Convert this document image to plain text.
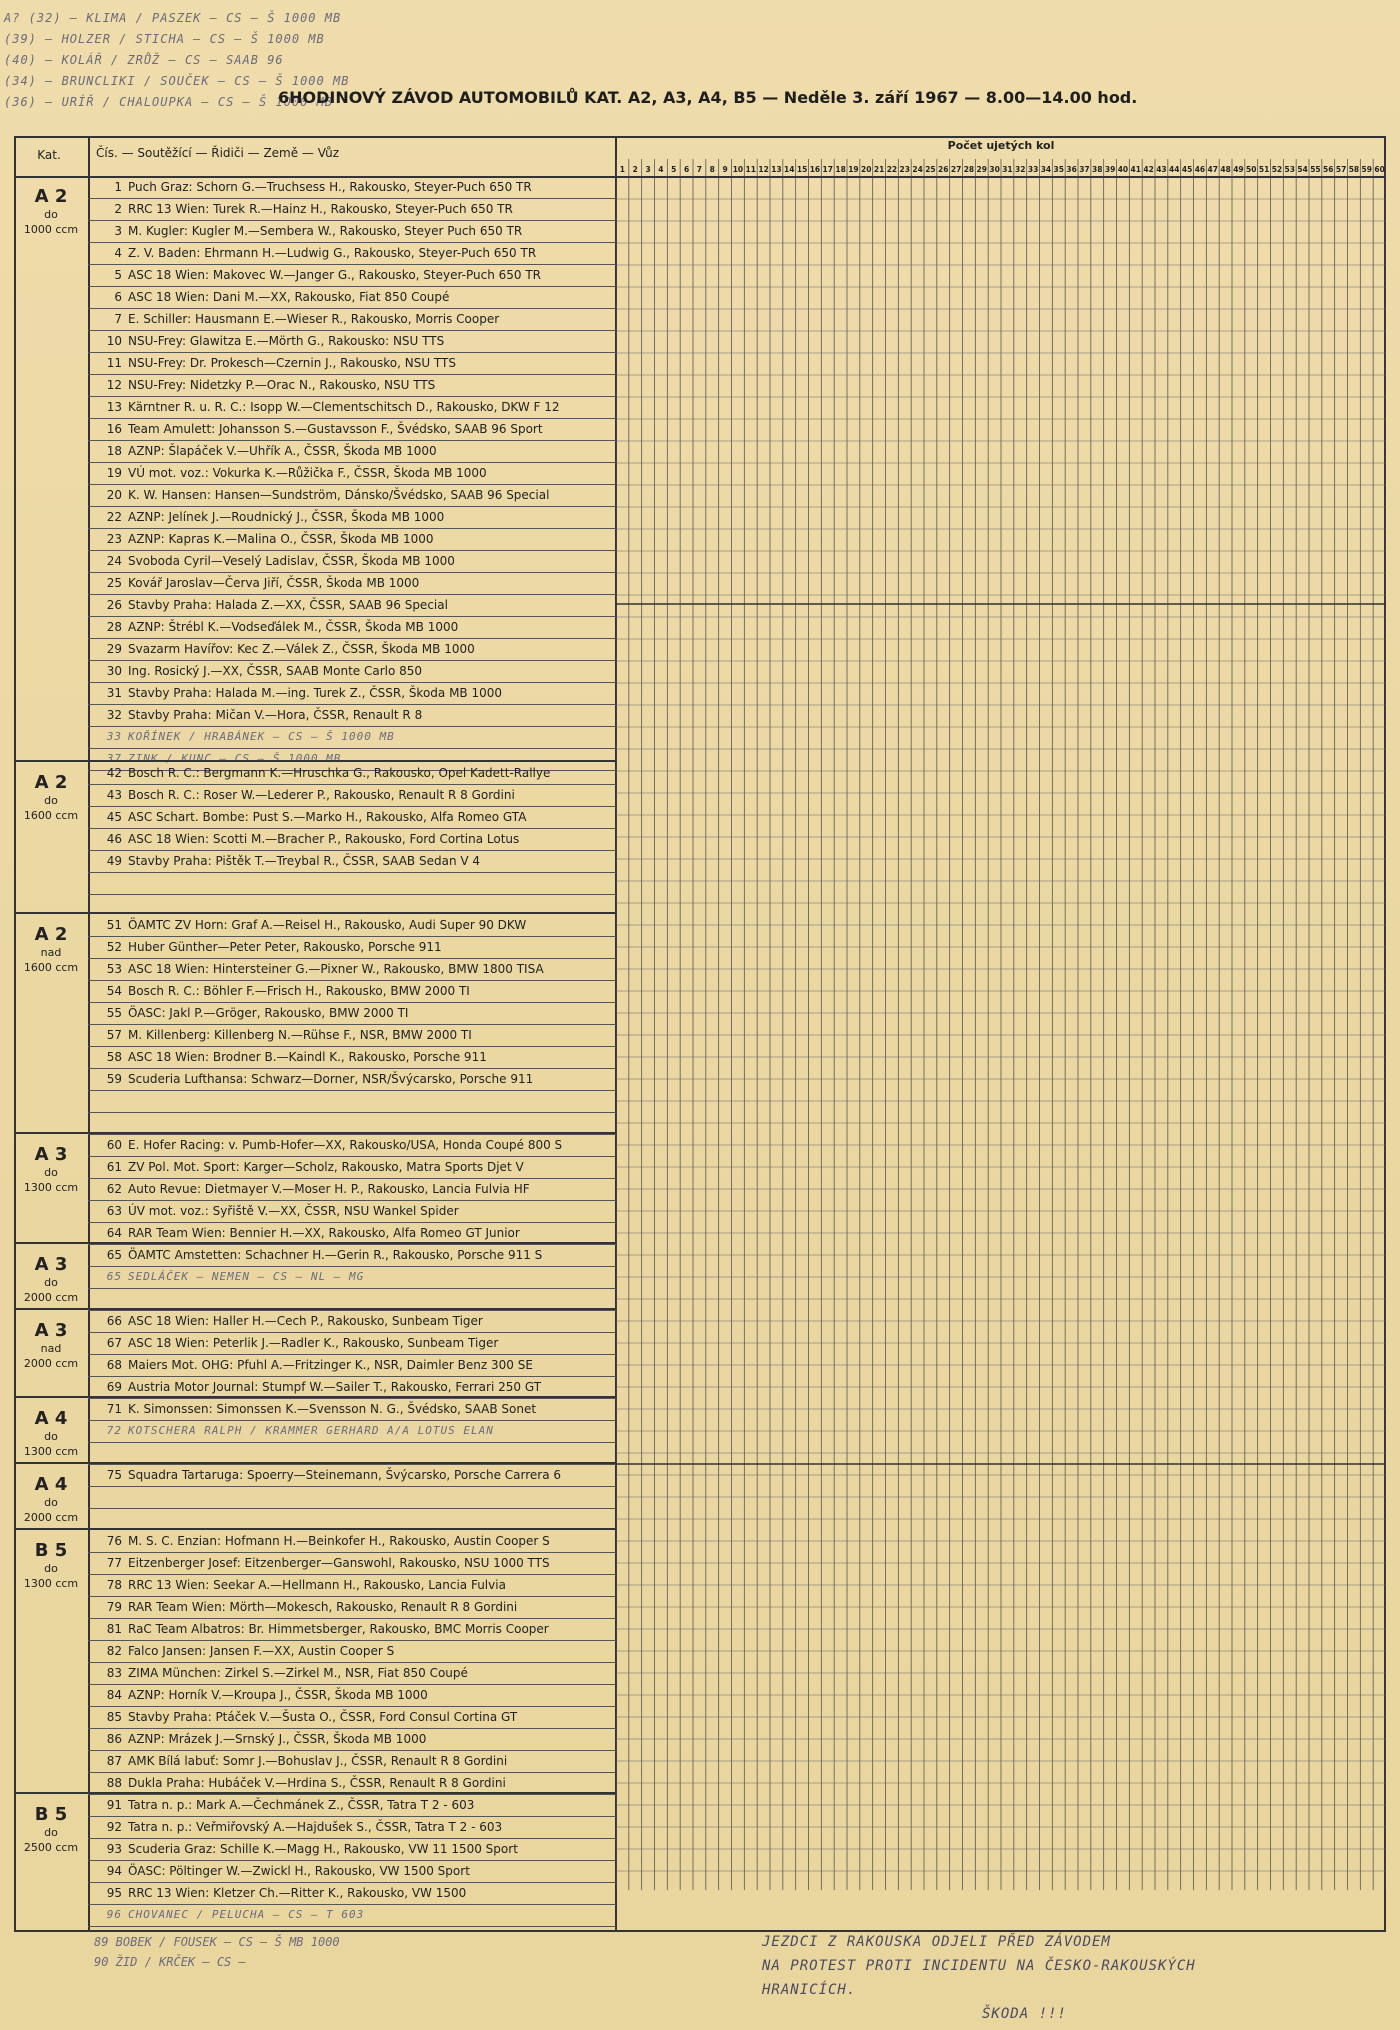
A? (32) – KLIMA / PASZEK – CS – Š 1000 MB
(39) – HOLZER / STICHA – CS – Š 1000 MB
(40) – KOLÁŘ / ZRŮŽ – CS – SAAB 96
(34) – BRUNCLIKI / SOUČEK – CS – Š 1000 MB
(36) – URÍŘ / CHALOUPKA – CS – Š 1000 MB
6HODINOVÝ ZÁVOD AUTOMOBILŮ KAT. A2, A3, A4, B5 — Neděle 3. září 1967 — 8.00—14.00 hod.
Kat.	Čís. — Soutěžící — Řidiči — Země — Vůz
Počet ujetých kol
1 2 3 4 5 6 7 8 9 10 11 12 13 14 15 16 17 18 19 20 21 22 23 24 25 26 27 28 29 30 31 32 33 34 35 36 37 38 39 40 41 42 43 44 45 46 47 48 49 50 51 52 53 54 55 56 57 58 59 60
A 2
do
1000 ccm
1 Puch Graz: Schorn G.—Truchsess H., Rakousko, Steyer-Puch 650 TR
2 RRC 13 Wien: Turek R.—Hainz H., Rakousko, Steyer-Puch 650 TR
3 M. Kugler: Kugler M.—Sembera W., Rakousko, Steyer Puch 650 TR
4 Z. V. Baden: Ehrmann H.—Ludwig G., Rakousko, Steyer-Puch 650 TR
5 ASC 18 Wien: Makovec W.—Janger G., Rakousko, Steyer-Puch 650 TR
6 ASC 18 Wien: Dani M.—XX, Rakousko, Fiat 850 Coupé
7 E. Schiller: Hausmann E.—Wieser R., Rakousko, Morris Cooper
10 NSU-Frey: Glawitza E.—Mörth G., Rakousko: NSU TTS
11 NSU-Frey: Dr. Prokesch—Czernin J., Rakousko, NSU TTS
12 NSU-Frey: Nidetzky P.—Orac N., Rakousko, NSU TTS
13 Kärntner R. u. R. C.: Isopp W.—Clementschitsch D., Rakousko, DKW F 12
16 Team Amulett: Johansson S.—Gustavsson F., Švédsko, SAAB 96 Sport
18 AZNP: Šlapáček V.—Uhřík A., ČSSR, Škoda MB 1000
19 VÚ mot. voz.: Vokurka K.—Růžička F., ČSSR, Škoda MB 1000
20 K. W. Hansen: Hansen—Sundström, Dánsko/Švédsko, SAAB 96 Special
22 AZNP: Jelínek J.—Roudnický J., ČSSR, Škoda MB 1000
23 AZNP: Kapras K.—Malina O., ČSSR, Škoda MB 1000
24 Svoboda Cyril—Veselý Ladislav, ČSSR, Škoda MB 1000
25 Kovář Jaroslav—Červa Jiří, ČSSR, Škoda MB 1000
26 Stavby Praha: Halada Z.—XX, ČSSR, SAAB 96 Special
28 AZNP: Štrébl K.—Vodseďálek M., ČSSR, Škoda MB 1000
29 Svazarm Havířov: Kec Z.—Válek Z., ČSSR, Škoda MB 1000
30 Ing. Rosický J.—XX, ČSSR, SAAB Monte Carlo 850
31 Stavby Praha: Halada M.—ing. Turek Z., ČSSR, Škoda MB 1000
32 Stavby Praha: Mičan V.—Hora, ČSSR, Renault R 8
33 KOŘÍNEK / HRABÁNEK – CS – Š 1000 MB
37 ZINK / KUNC – CS – Š 1000 MB
A 2
do
1600 ccm
42 Bosch R. C.: Bergmann K.—Hruschka G., Rakousko, Opel Kadett-Rallye
43 Bosch R. C.: Roser W.—Lederer P., Rakousko, Renault R 8 Gordini
45 ASC Schart. Bombe: Pust S.—Marko H., Rakousko, Alfa Romeo GTA
46 ASC 18 Wien: Scotti M.—Bracher P., Rakousko, Ford Cortina Lotus
49 Stavby Praha: Pištěk T.—Treybal R., ČSSR, SAAB Sedan V 4
A 2
nad
1600 ccm
51 ÖAMTC ZV Horn: Graf A.—Reisel H., Rakousko, Audi Super 90 DKW
52 Huber Günther—Peter Peter, Rakousko, Porsche 911
53 ASC 18 Wien: Hintersteiner G.—Pixner W., Rakousko, BMW 1800 TISA
54 Bosch R. C.: Böhler F.—Frisch H., Rakousko, BMW 2000 TI
55 ÖASC: Jakl P.—Gröger, Rakousko, BMW 2000 TI
57 M. Killenberg: Killenberg N.—Rühse F., NSR, BMW 2000 TI
58 ASC 18 Wien: Brodner B.—Kaindl K., Rakousko, Porsche 911
59 Scuderia Lufthansa: Schwarz—Dorner, NSR/Švýcarsko, Porsche 911
A 3
do
1300 ccm
60 E. Hofer Racing: v. Pumb-Hofer—XX, Rakousko/USA, Honda Coupé 800 S
61 ZV Pol. Mot. Sport: Karger—Scholz, Rakousko, Matra Sports Djet V
62 Auto Revue: Dietmayer V.—Moser H. P., Rakousko, Lancia Fulvia HF
63 ÚV mot. voz.: Syřiště V.—XX, ČSSR, NSU Wankel Spider
64 RAR Team Wien: Bennier H.—XX, Rakousko, Alfa Romeo GT Junior
A 3
do
2000 ccm
65 ÖAMTC Amstetten: Schachner H.—Gerin R., Rakousko, Porsche 911 S
65 SEDLÁČEK – NEMEN – CS – NL – MG
A 3
nad
2000 ccm
66 ASC 18 Wien: Haller H.—Cech P., Rakousko, Sunbeam Tiger
67 ASC 18 Wien: Peterlik J.—Radler K., Rakousko, Sunbeam Tiger
68 Maiers Mot. OHG: Pfuhl A.—Fritzinger K., NSR, Daimler Benz 300 SE
69 Austria Motor Journal: Stumpf W.—Sailer T., Rakousko, Ferrari 250 GT
A 4
do
1300 ccm
71 K. Simonssen: Simonssen K.—Svensson N. G., Švédsko, SAAB Sonet
72 KOTSCHERA RALPH / KRAMMER GERHARD A/A LOTUS ELAN
A 4
do
2000 ccm
75 Squadra Tartaruga: Spoerry—Steinemann, Švýcarsko, Porsche Carrera 6
B 5
do
1300 ccm
76 M. S. C. Enzian: Hofmann H.—Beinkofer H., Rakousko, Austin Cooper S
77 Eitzenberger Josef: Eitzenberger—Ganswohl, Rakousko, NSU 1000 TTS
78 RRC 13 Wien: Seekar A.—Hellmann H., Rakousko, Lancia Fulvia
79 RAR Team Wien: Mörth—Mokesch, Rakousko, Renault R 8 Gordini
81 RaC Team Albatros: Br. Himmetsberger, Rakousko, BMC Morris Cooper
82 Falco Jansen: Jansen F.—XX, Austin Cooper S
83 ZIMA München: Zirkel S.—Zirkel M., NSR, Fiat 850 Coupé
84 AZNP: Horník V.—Kroupa J., ČSSR, Škoda MB 1000
85 Stavby Praha: Ptáček V.—Šusta O., ČSSR, Ford Consul Cortina GT
86 AZNP: Mrázek J.—Srnský J., ČSSR, Škoda MB 1000
87 AMK Bílá labuť: Somr J.—Bohuslav J., ČSSR, Renault R 8 Gordini
88 Dukla Praha: Hubáček V.—Hrdina S., ČSSR, Renault R 8 Gordini
B 5
do
2500 ccm
91 Tatra n. p.: Mark A.—Čechmánek Z., ČSSR, Tatra T 2 - 603
92 Tatra n. p.: Veřmiřovský A.—Hajdušek S., ČSSR, Tatra T 2 - 603
93 Scuderia Graz: Schille K.—Magg H., Rakousko, VW 11 1500 Sport
94 ÖASC: Pöltinger W.—Zwickl H., Rakousko, VW 1500 Sport
95 RRC 13 Wien: Kletzer Ch.—Ritter K., Rakousko, VW 1500
96 CHOVANEC / PELUCHA – CS – T 603
89 BOBEK / FOUSEK – CS – Š MB 1000
90 ŽID / KRČEK – CS –
JEZDCI Z RAKOUSKA ODJELI PŘED ZÁVODEM
NA PROTEST PROTI INCIDENTU NA ČESKO-RAKOUSKÝCH
HRANICÍCH.
ŠKODA !!!
